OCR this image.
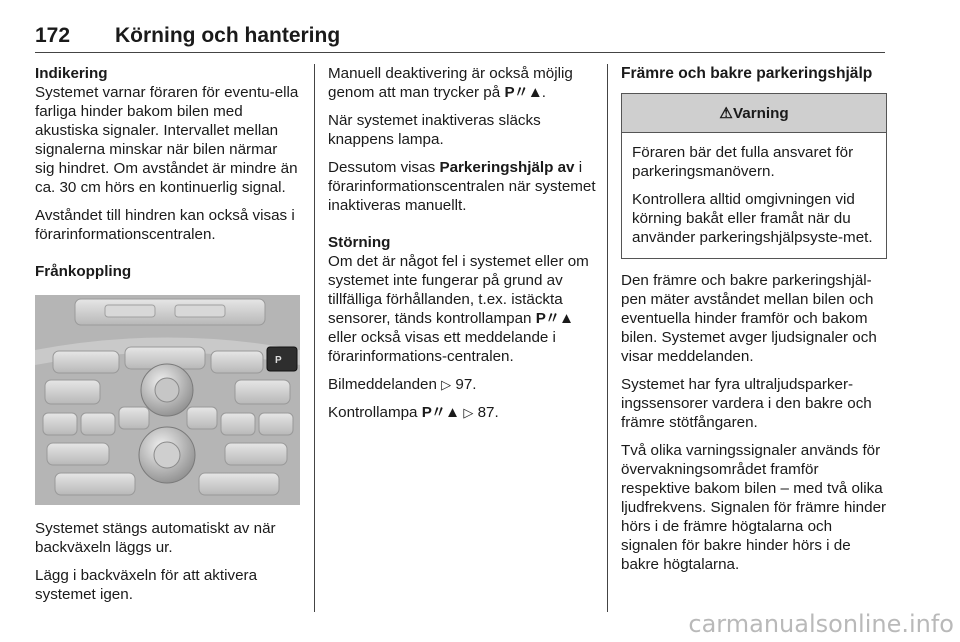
172 Körning och hantering
Indikering

Systemet varnar föraren för eventu-ella farliga hinder bakom bilen med akustiska signaler. Intervallet mellan signalerna minskar när bilen närmar sig hindret. Om avståndet är mindre än ca. 30 cm hörs en kontinuerlig signal.

Avståndet till hindren kan också visas i förarinformationscentralen.

Frånkoppling
P

Systemet stängs automatiskt av när backväxeln läggs ur.

Lägg i backväxeln för att aktivera systemet igen.

Manuell deaktivering är också möjlig genom att man trycker på P〃▲.

När systemet inaktiveras släcks knappens lampa.

Dessutom visas Parkeringshjälp av i förarinformationscentralen när systemet inaktiveras manuellt.

Störning

Om det är något fel i systemet eller om systemet inte fungerar på grund av tillfälliga förhållanden, t.ex. istäckta sensorer, tänds kontrollampan P〃▲ eller också visas ett meddelande i förarinformations-centralen.

Bilmeddelanden ▷ 97.

Kontrollampa P〃▲ ▷ 87.

Främre och bakre parkeringshjälp
⚠ Varning

Föraren bär det fulla ansvaret för parkeringsmanövern.

Kontrollera alltid omgivningen vid körning bakåt eller framåt när du använder parkeringshjälpsyste-met.

Den främre och bakre parkeringshjäl-pen mäter avståndet mellan bilen och eventuella hinder framför och bakom bilen. Systemet avger ljudsignaler och visar meddelanden.

Systemet har fyra ultraljudsparker-ingssensorer vardera i den bakre och främre stötfångaren.

Två olika varningssignaler används för övervakningsområdet framför respektive bakom bilen – med två olika ljudfrekvens. Signalen för främre hinder hörs i de främre högtalarna och signalen för bakre hinder hörs i de bakre högtalarna.

carmanualsonline.info
